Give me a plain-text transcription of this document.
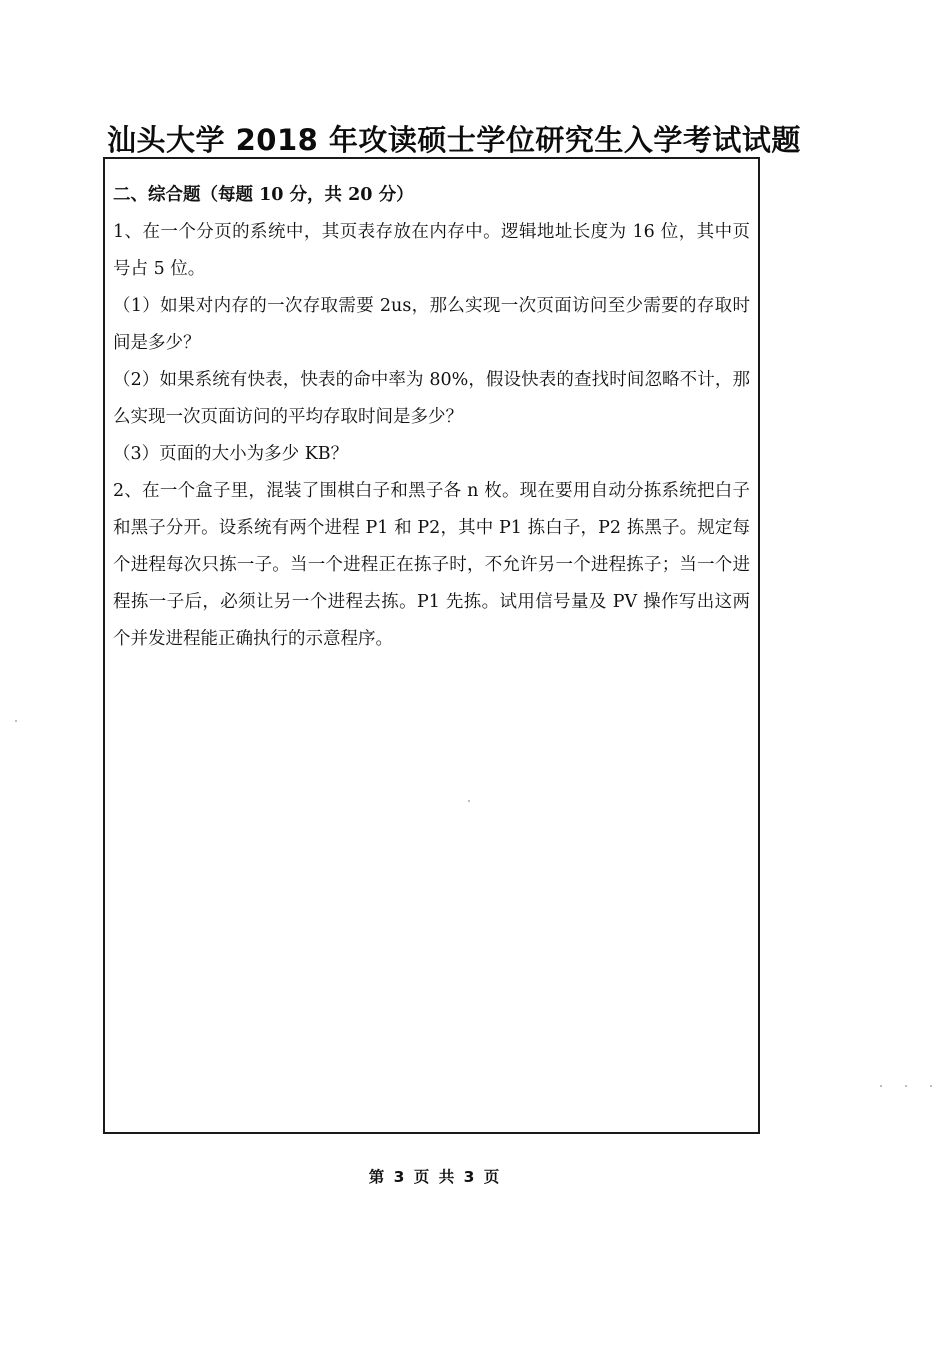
汕头大学 2018 年攻读硕士学位研究生入学考试试题
二、综合题（每题 10 分，共 20 分）

1、在一个分页的系统中，其页表存放在内存中。逻辑地址长度为 16 位，其中页号占 5 位。

（1）如果对内存的一次存取需要 2us，那么实现一次页面访问至少需要的存取时间是多少？

（2）如果系统有快表，快表的命中率为 80%，假设快表的查找时间忽略不计，那么实现一次页面访问的平均存取时间是多少？

（3）页面的大小为多少 KB？

2、在一个盒子里，混装了围棋白子和黑子各 n 枚。现在要用自动分拣系统把白子和黑子分开。设系统有两个进程 P1 和 P2，其中 P1 拣白子，P2 拣黑子。规定每个进程每次只拣一子。当一个进程正在拣子时，不允许另一个进程拣子；当一个进程拣一子后，必须让另一个进程去拣。P1 先拣。试用信号量及 PV 操作写出这两个并发进程能正确执行的示意程序。

第 3 页 共 3 页
